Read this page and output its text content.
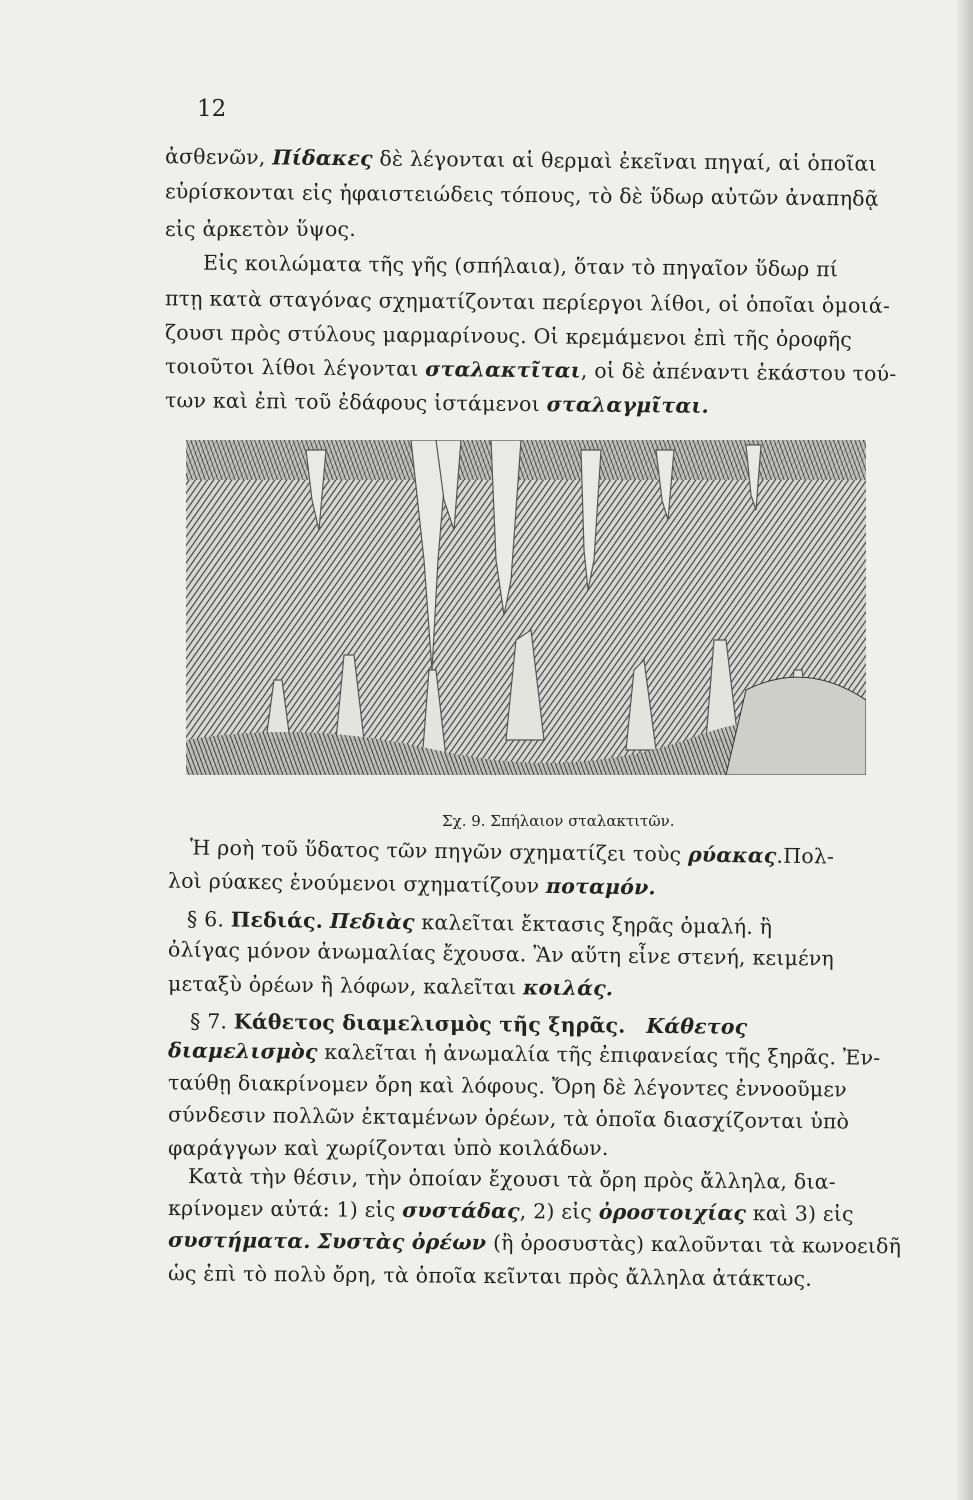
12
ἀσθενῶν, Πίδακες δὲ λέγονται αἱ θερμαὶ ἐκεῖναι πηγαί, αἱ ὁποῖαι
εὑρίσκονται εἰς ἡφαιστειώδεις τόπους, τὸ δὲ ὕδωρ αὐτῶν ἀναπηδᾷ
εἰς ἀρκετὸν ὕψος.
Εἰς κοιλώματα τῆς γῆς (σπήλαια), ὅταν τὸ πηγαῖον ὕδωρ πί
πτῃ κατὰ σταγόνας σχηματίζονται περίεργοι λίθοι, οἱ ὁποῖαι ὁμοιά-
ζουσι πρὸς στύλους μαρμαρίνους. Οἱ κρεμάμενοι ἐπὶ τῆς ὀροφῆς
τοιοῦτοι λίθοι λέγονται σταλακτῖται, οἱ δὲ ἀπέναντι ἑκάστου τού-
των καὶ ἐπὶ τοῦ ἐδάφους ἱστάμενοι σταλαγμῖται.
Σχ. 9. Σπήλαιον σταλακτιτῶν.
Ἡ ροὴ τοῦ ὕδατος τῶν πηγῶν σχηματίζει τοὺς ρύακας.Πολ-
λοὶ ρύακες ἑνούμενοι σχηματίζουν ποταμόν.
§ 6. Πεδιάς. Πεδιὰς καλεῖται ἔκτασις ξηρᾶς ὁμαλή. ἢ
ὀλίγας μόνον ἀνωμαλίας ἔχουσα. Ἂν αὕτη εἶνε στενή, κειμένη
μεταξὺ ὀρέων ἢ λόφων, καλεῖται κοιλάς.
§ 7. Κάθετος διαμελισμὸς τῆς ξηρᾶς. Κάθετος
διαμελισμὸς καλεῖται ἡ ἀνωμαλία τῆς ἐπιφανείας τῆς ξηρᾶς. Ἐν-
ταύθῃ διακρίνομεν ὄρη καὶ λόφους. Ὄρη δὲ λέγοντες ἐννοοῦμεν
σύνδεσιν πολλῶν ἐκταμένων ὀρέων, τὰ ὁποῖα διασχίζονται ὑπὸ
φαράγγων καὶ χωρίζονται ὑπὸ κοιλάδων.
Κατὰ τὴν θέσιν, τὴν ὁποίαν ἔχουσι τὰ ὄρη πρὸς ἄλληλα, δια-
κρίνομεν αὐτά: 1) εἰς συστάδας, 2) εἰς ὀροστοιχίας καὶ 3) εἰς
συστήματα. Συστὰς ὀρέων (ἢ ὀροσυστὰς) καλοῦνται τὰ κωνοειδῆ
ὡς ἐπὶ τὸ πολὺ ὄρη, τὰ ὁποῖα κεῖνται πρὸς ἄλληλα ἀτάκτως.
